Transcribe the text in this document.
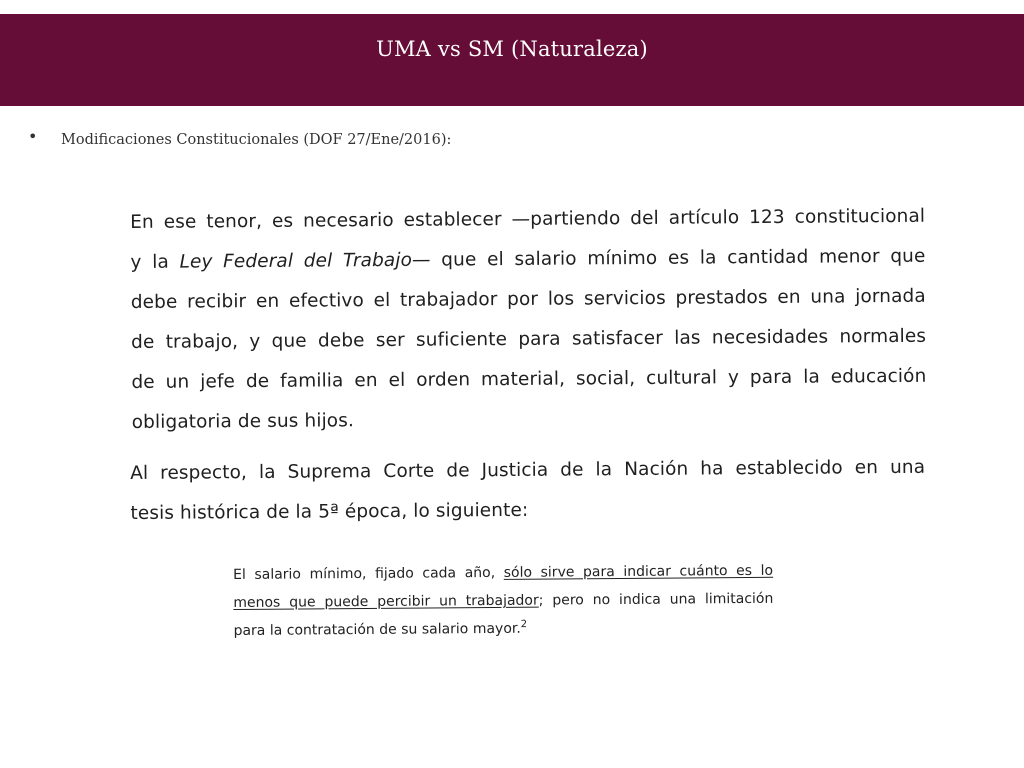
UMA vs SM (Naturaleza)
• Modificaciones Constitucionales (DOF 27/Ene/2016):

En ese tenor, es necesario establecer —partiendo del artículo 123 constitucional
y la Ley Federal del Trabajo— que el salario mínimo es la cantidad menor que
debe recibir en efectivo el trabajador por los servicios prestados en una jornada
de trabajo, y que debe ser suficiente para satisfacer las necesidades normales
de un jefe de familia en el orden material, social, cultural y para la educación
obligatoria de sus hijos.

Al respecto, la Suprema Corte de Justicia de la Nación ha establecido en una
tesis histórica de la 5ª época, lo siguiente:

El salario mínimo, fijado cada año, sólo sirve para indicar cuánto es lo
menos que puede percibir un trabajador; pero no indica una limitación
para la contratación de su salario mayor.$^2$
